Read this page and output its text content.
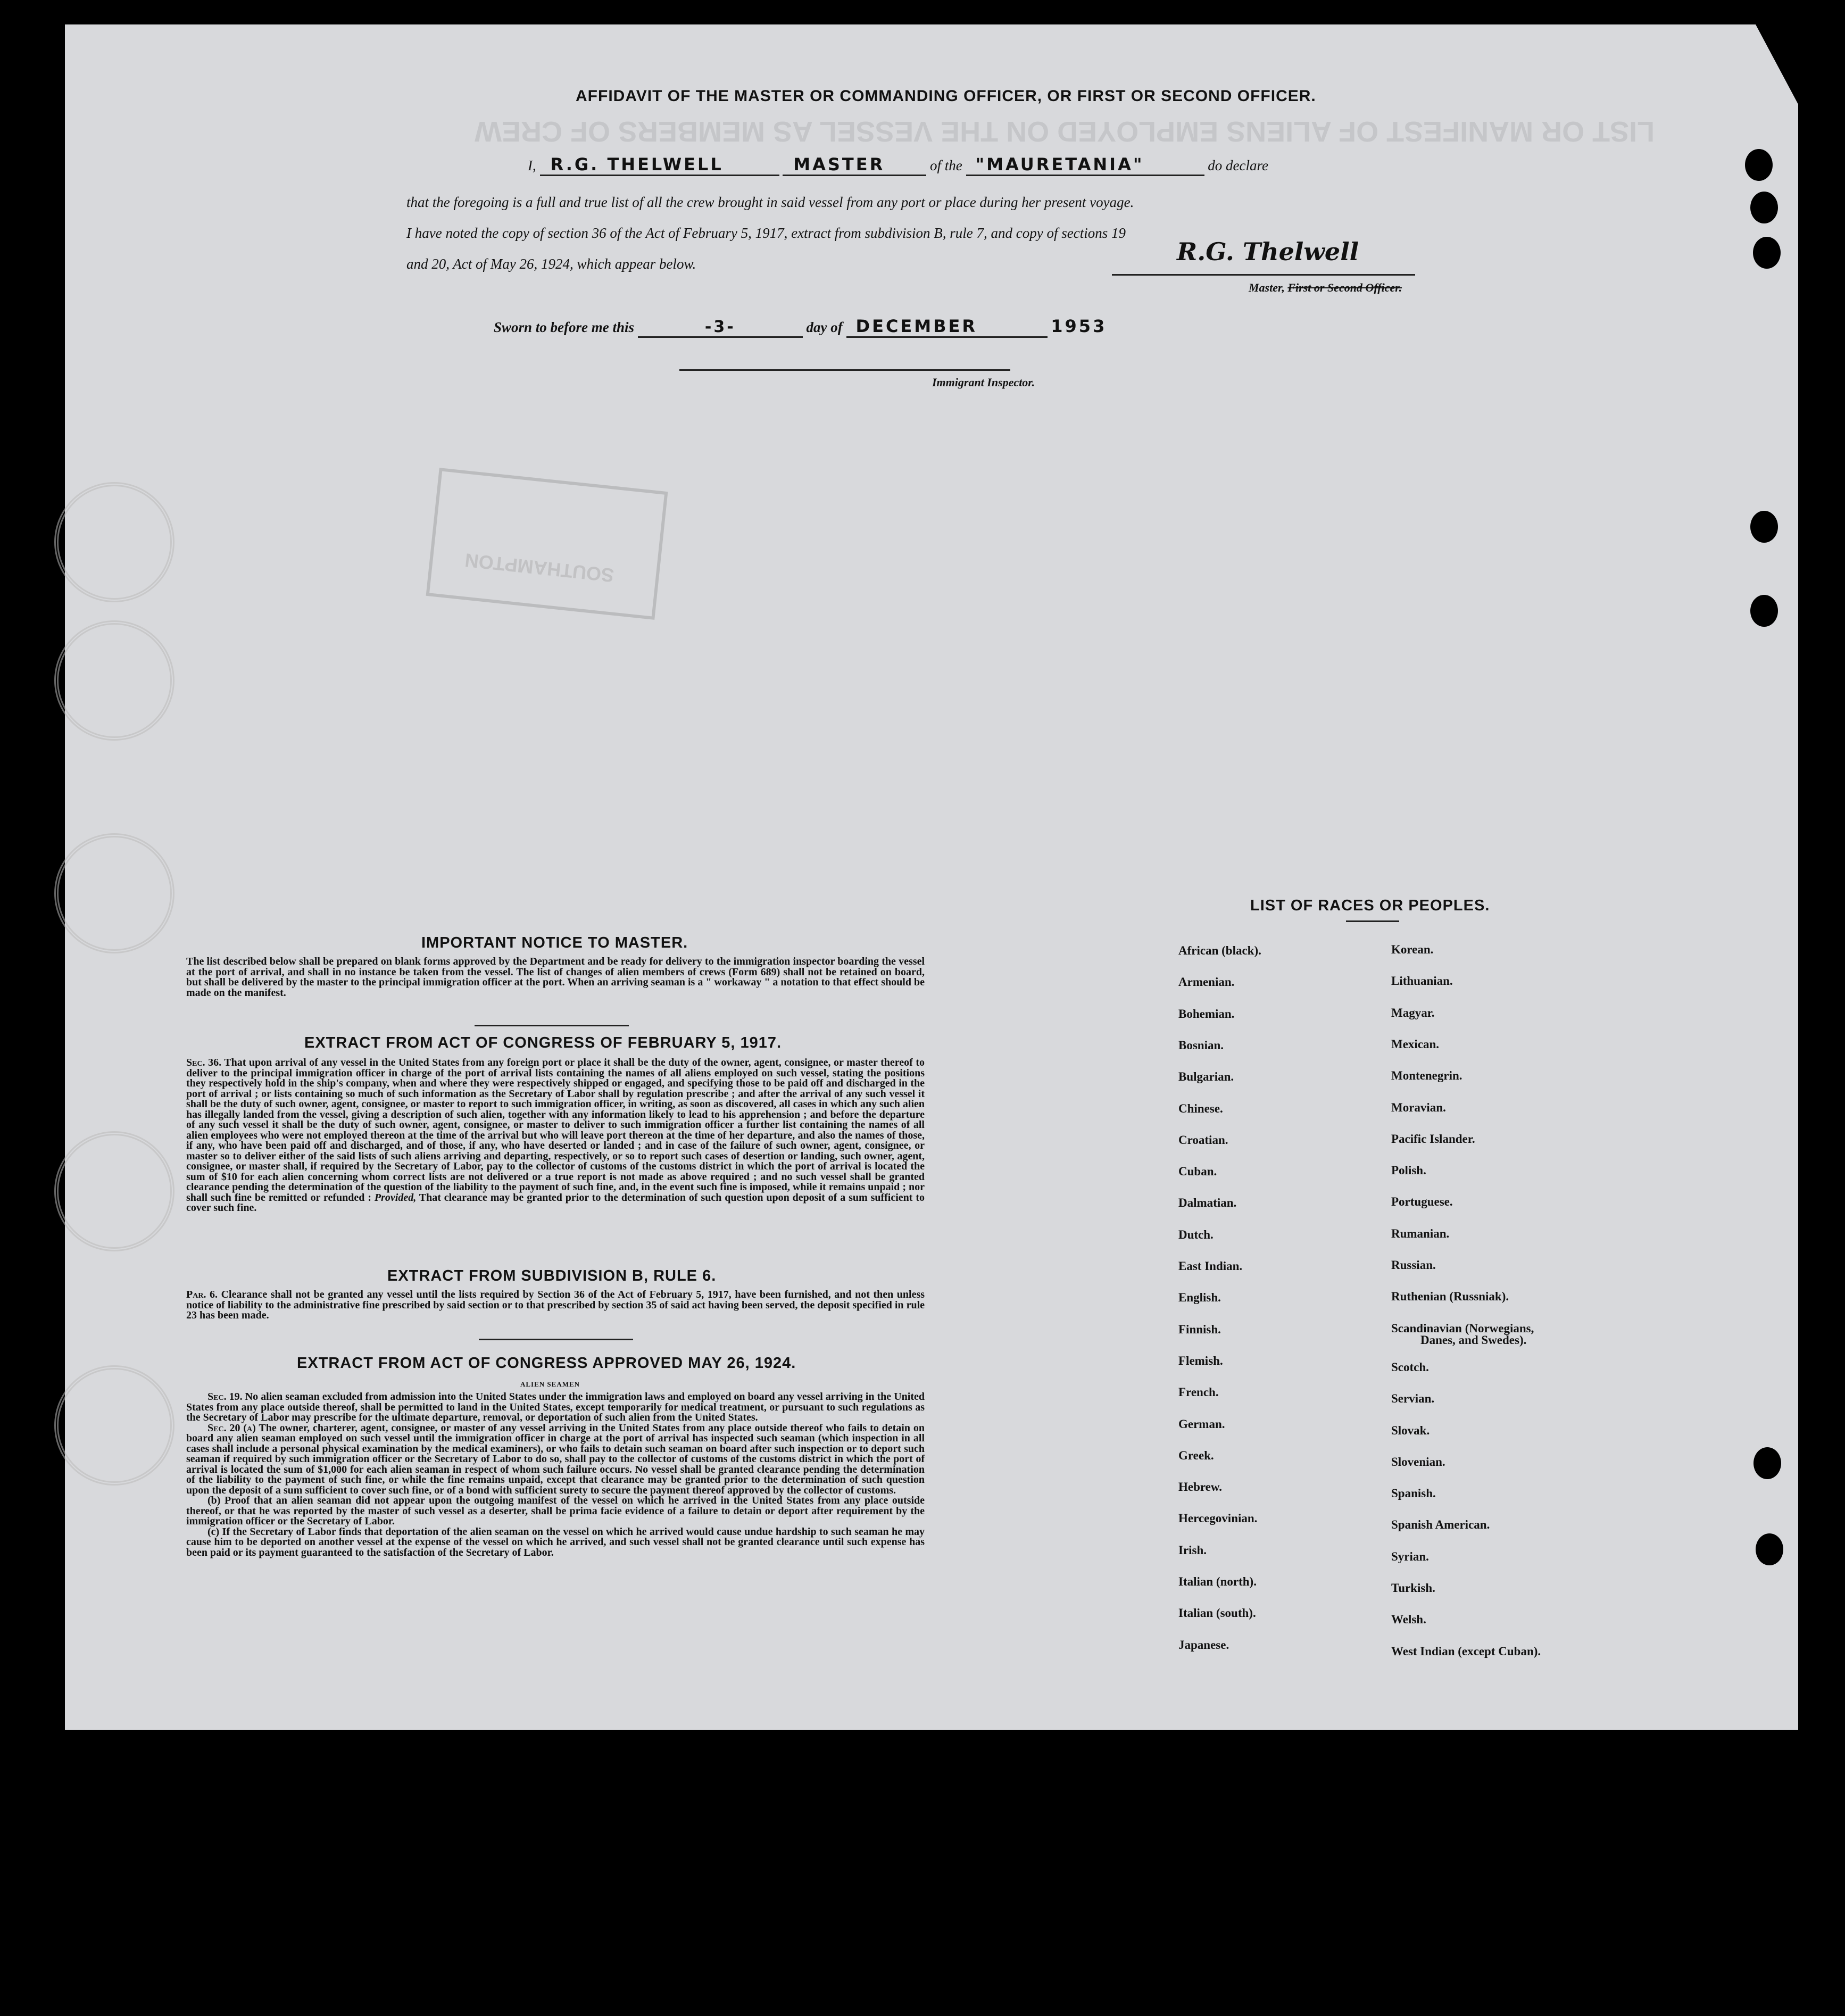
LIST OR MANIFEST OF ALIENS EMPLOYED ON THE VESSEL AS MEMBERS OF CREW
SOUTHAMPTON
AFFIDAVIT OF THE MASTER OR COMMANDING OFFICER, OR FIRST OR SECOND OFFICER.
I, R.G. THELWELL	MASTER	of the "MAURETANIA"	do declare
that the foregoing is a full and true list of all the crew brought in said vessel from any port or place during her present voyage.
I have noted the copy of section 36 of the Act of February 5, 1917, extract from subdivision B, rule 7, and copy of sections 19
and 20, Act of May 26, 1924, which appear below.	R.G. Thelwell
Master, First or Second Officer.
Sworn to before me this	-3-	day of DECEMBER	1953
Immigrant Inspector.
IMPORTANT NOTICE TO MASTER.
The list described below shall be prepared on blank forms approved by the Department and be ready for delivery to the immigration inspector boarding the vessel at the port of arrival, and shall in no instance be taken from the vessel. The list of changes of alien members of crews (Form 689) shall not be retained on board, but shall be delivered by the master to the principal immigration officer at the port. When an arriving seaman is a " workaway " a notation to that effect should be made on the manifest.
EXTRACT FROM ACT OF CONGRESS OF FEBRUARY 5, 1917.
Sec. 36. That upon arrival of any vessel in the United States from any foreign port or place it shall be the duty of the owner, agent, consignee, or master thereof to deliver to the principal immigration officer in charge of the port of arrival lists containing the names of all aliens employed on such vessel, stating the positions they respectively hold in the ship's company, when and where they were respectively shipped or engaged, and specifying those to be paid off and discharged in the port of arrival ; or lists containing so much of such information as the Secretary of Labor shall by regulation prescribe ; and after the arrival of any such vessel it shall be the duty of such owner, agent, consignee, or master to report to such immigration officer, in writing, as soon as discovered, all cases in which any such alien has illegally landed from the vessel, giving a description of such alien, together with any information likely to lead to his apprehension ; and before the departure of any such vessel it shall be the duty of such owner, agent, consignee, or master to deliver to such immigration officer a further list containing the names of all alien employees who were not employed thereon at the time of the arrival but who will leave port thereon at the time of her departure, and also the names of those, if any, who have been paid off and discharged, and of those, if any, who have deserted or landed ; and in case of the failure of such owner, agent, consignee, or master so to deliver either of the said lists of such aliens arriving and departing, respectively, or so to report such cases of desertion or landing, such owner, agent, consignee, or master shall, if required by the Secretary of Labor, pay to the collector of customs of the customs district in which the port of arrival is located the sum of $10 for each alien concerning whom correct lists are not delivered or a true report is not made as above required ; and no such vessel shall be granted clearance pending the determination of the question of the liability to the payment of such fine, and, in the event such fine is imposed, while it remains unpaid ; nor shall such fine be remitted or refunded : Provided, That clearance may be granted prior to the determination of such question upon deposit of a sum sufficient to cover such fine.
EXTRACT FROM SUBDIVISION B, RULE 6.
Par. 6. Clearance shall not be granted any vessel until the lists required by Section 36 of the Act of February 5, 1917, have been furnished, and not then unless notice of liability to the administrative fine prescribed by said section or to that prescribed by section 35 of said act having been served, the deposit specified in rule 23 has been made.
EXTRACT FROM ACT OF CONGRESS APPROVED MAY 26, 1924.
ALIEN SEAMEN
Sec. 19. No alien seaman excluded from admission into the United States under the immigration laws and employed on board any vessel arriving in the United States from any place outside thereof, shall be permitted to land in the United States, except temporarily for medical treatment, or pursuant to such regulations as the Secretary of Labor may prescribe for the ultimate departure, removal, or deportation of such alien from the United States.
Sec. 20 (a) The owner, charterer, agent, consignee, or master of any vessel arriving in the United States from any place outside thereof who fails to detain on board any alien seaman employed on such vessel until the immigration officer in charge at the port of arrival has inspected such seaman (which inspection in all cases shall include a personal physical examination by the medical examiners), or who fails to detain such seaman on board after such inspection or to deport such seaman if required by such immigration officer or the Secretary of Labor to do so, shall pay to the collector of customs of the customs district in which the port of arrival is located the sum of $1,000 for each alien seaman in respect of whom such failure occurs. No vessel shall be granted clearance pending the determination of the liability to the payment of such fine, or while the fine remains unpaid, except that clearance may be granted prior to the determination of such question upon the deposit of a sum sufficient to cover such fine, or of a bond with sufficient surety to secure the payment thereof approved by the collector of customs.
(b) Proof that an alien seaman did not appear upon the outgoing manifest of the vessel on which he arrived in the United States from any place outside thereof, or that he was reported by the master of such vessel as a deserter, shall be prima facie evidence of a failure to detain or deport after requirement by the immigration officer or the Secretary of Labor.
(c) If the Secretary of Labor finds that deportation of the alien seaman on the vessel on which he arrived would cause undue hardship to such seaman he may cause him to be deported on another vessel at the expense of the vessel on which he arrived, and such vessel shall not be granted clearance until such expense has been paid or its payment guaranteed to the satisfaction of the Secretary of Labor.
LIST OF RACES OR PEOPLES.
African (black).
Armenian.
Bohemian.
Bosnian.
Bulgarian.
Chinese.
Croatian.
Cuban.
Dalmatian.
Dutch.
East Indian.
English.
Finnish.
Flemish.
French.
German.
Greek.
Hebrew.
Hercegovinian.
Irish.
Italian (north).
Italian (south).
Japanese.
Korean.
Lithuanian.
Magyar.
Mexican.
Montenegrin.
Moravian.
Pacific Islander.
Polish.
Portuguese.
Rumanian.
Russian.
Ruthenian (Russniak).
Scandinavian (Norwegians,
Scotch.
Servian.
Slovak.
Slovenian.
Spanish.
Spanish American.
Syrian.
Turkish.
Welsh.
West Indian (except Cuban).
Danes, and Swedes).
